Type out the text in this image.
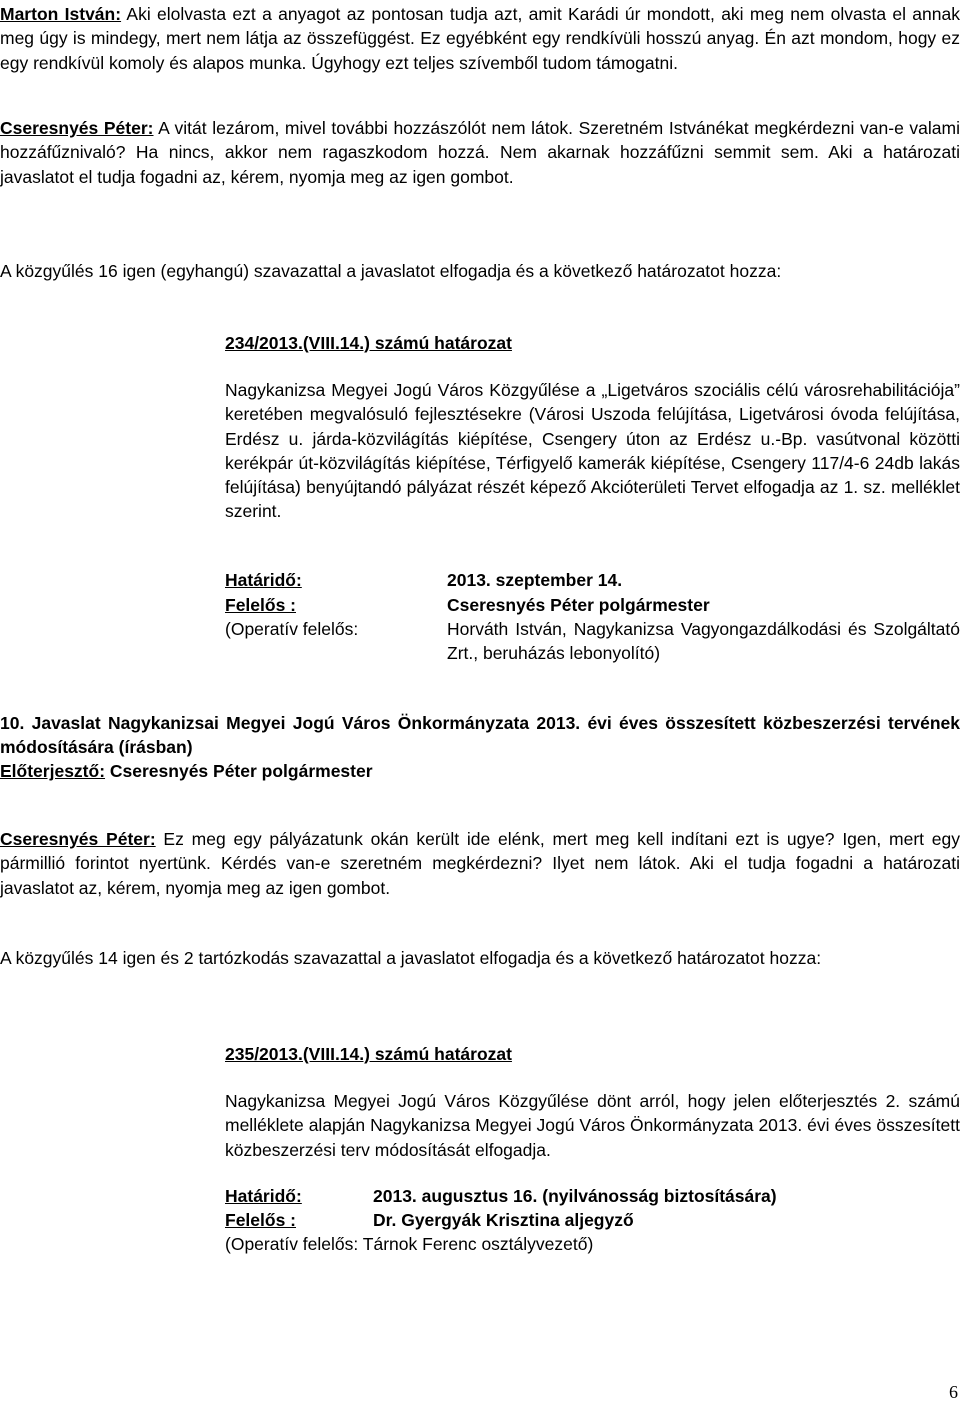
Marton István: Aki elolvasta ezt a anyagot az pontosan tudja azt, amit Karádi úr mondott, aki meg nem olvasta el annak meg úgy is mindegy, mert nem látja az összefüggést. Ez egyébként egy rendkívüli hosszú anyag. Én azt mondom, hogy ez egy rendkívül komoly és alapos munka. Úgyhogy ezt teljes szívemből tudom támogatni.
Cseresnyés Péter: A vitát lezárom, mivel további hozzászólót nem látok. Szeretném Istvánékat megkérdezni van-e valami hozzáfűznivaló? Ha nincs, akkor nem ragaszkodom hozzá. Nem akarnak hozzáfűzni semmit sem. Aki a határozati javaslatot el tudja fogadni az, kérem, nyomja meg az igen gombot.
A közgyűlés 16 igen (egyhangú) szavazattal a javaslatot elfogadja és a következő határozatot hozza:
234/2013.(VIII.14.) számú határozat
Nagykanizsa Megyei Jogú Város Közgyűlése a „Ligetváros szociális célú városrehabilitációja” keretében megvalósuló fejlesztésekre (Városi Uszoda felújítása, Ligetvárosi óvoda felújítása, Erdész u. járda-közvilágítás kiépítése, Csengery úton az Erdész u.-Bp. vasútvonal közötti kerékpár út-közvilágítás kiépítése, Térfigyelő kamerák kiépítése, Csengery 117/4-6 24db lakás felújítása) benyújtandó pályázat részét képező Akcióterületi Tervet elfogadja az 1. sz. melléklet szerint.
Határidő:	2013. szeptember 14.
Felelős :	Cseresnyés Péter polgármester
(Operatív felelős:	Horváth István, Nagykanizsa Vagyongazdálkodási és Szolgáltató Zrt., beruházás lebonyolító)
10. Javaslat Nagykanizsai Megyei Jogú Város Önkormányzata 2013. évi éves összesített közbeszerzési tervének módosítására (írásban)
Előterjesztő: Cseresnyés Péter polgármester
Cseresnyés Péter: Ez meg egy pályázatunk okán került ide elénk, mert meg kell indítani ezt is ugye? Igen, mert egy pármillió forintot nyertünk. Kérdés van-e szeretném megkérdezni? Ilyet nem látok. Aki el tudja fogadni a határozati javaslatot az, kérem, nyomja meg az igen gombot.
A közgyűlés 14 igen és 2 tartózkodás szavazattal a javaslatot elfogadja és a következő határozatot hozza:
235/2013.(VIII.14.) számú határozat
Nagykanizsa Megyei Jogú Város Közgyűlése dönt arról, hogy jelen előterjesztés 2. számú melléklete alapján Nagykanizsa Megyei Jogú Város Önkormányzata 2013. évi éves összesített közbeszerzési terv módosítását elfogadja.
Határidő:	2013. augusztus 16. (nyilvánosság biztosítására)
Felelős :	Dr. Gyergyák Krisztina aljegyző
(Operatív felelős: Tárnok Ferenc osztályvezető)
6
